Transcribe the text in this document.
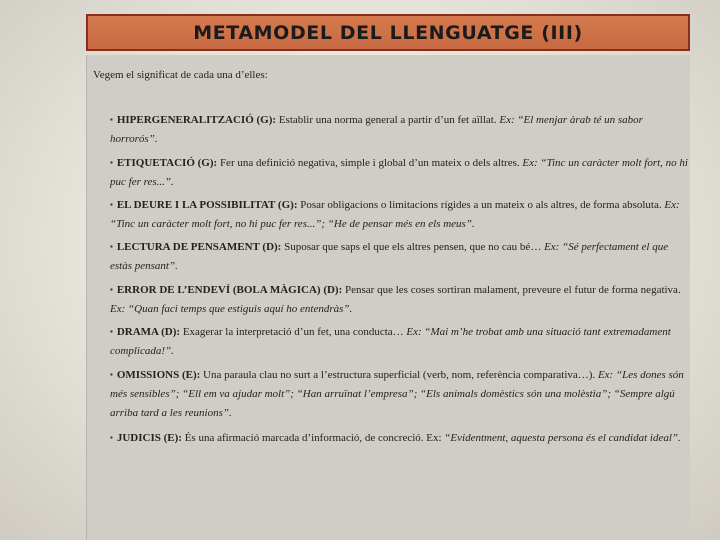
METAMODEL DEL LLENGUATGE (III)
Vegem el significat de cada una d’elles:
▪ HIPERGENERALITZACIÓ (G): Establir una norma general a partir d’un fet aïllat. Ex: “El menjar àrab té un sabor horrorós”.
▪ ETIQUETACIÓ (G): Fer una definició negativa, simple i global d’un mateix o dels altres. Ex: “Tinc un caràcter molt fort, no hi puc fer res...”.
▪ EL DEURE I LA POSSIBILITAT (G): Posar obligacions o limitacions rígides a un mateix o als altres, de forma absoluta. Ex: “Tinc un caràcter molt fort, no hi puc fer res...”; “He de pensar més en els meus”.
▪ LECTURA DE PENSAMENT (D): Suposar que saps el que els altres pensen, que no cau bé… Ex: “Sé perfectament el que estàs pensant”.
▪ ERROR DE L’ENDEVÍ (BOLA MÀGICA) (D): Pensar que les coses sortiran malament, preveure el futur de forma negativa. Ex: “Quan faci temps que estiguis aquí ho entendràs”.
▪ DRAMA (D): Exagerar la interpretació d’un fet, una conducta… Ex: “Mai m’he trobat amb una situació tant extremadament complicada!”.
▪ OMISSIONS (E): Una paraula clau no surt a l’estructura superficial (verb, nom, referència comparativa…). Ex: “Les dones són més sensibles”; “Ell em va ajudar molt”; “Han arruïnat l’empresa”; “Els animals domèstics són una molèstia”; “Sempre algú arriba tard a les reunions”.
▪ JUDICIS (E): És una afirmació marcada d’informació, de concreció. Ex: “Evidentment, aquesta persona és el candidat ideal”.
